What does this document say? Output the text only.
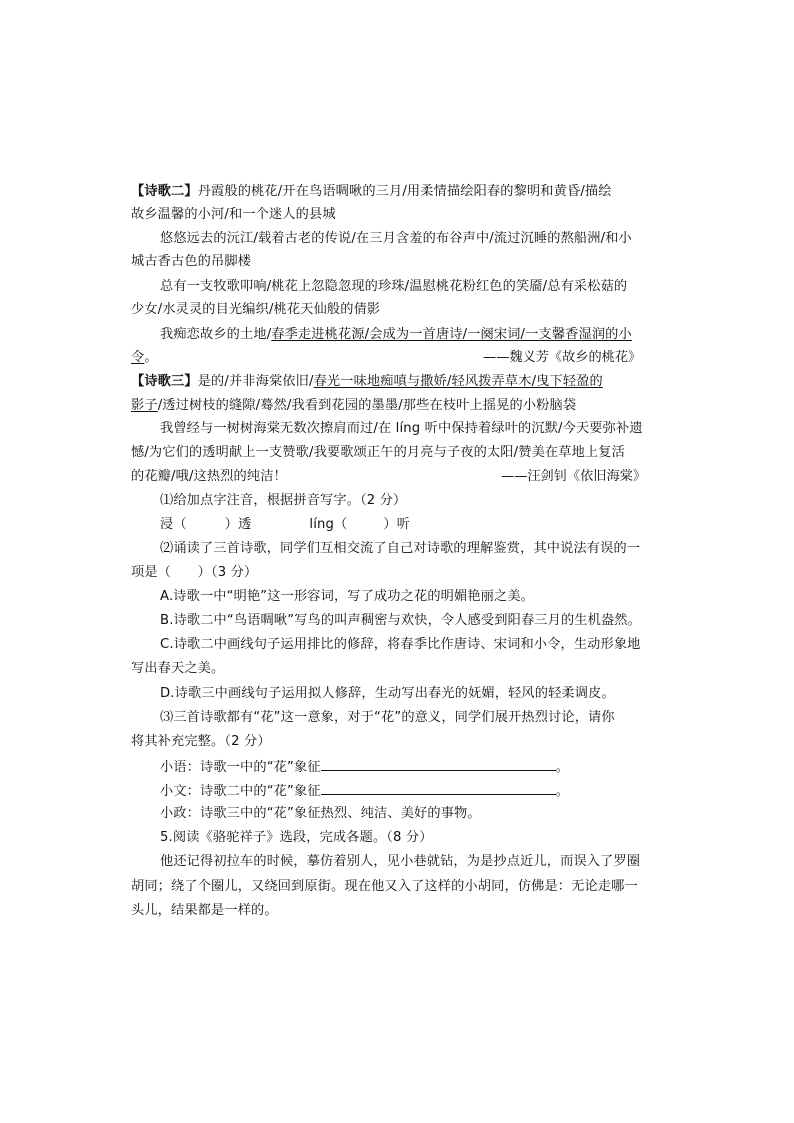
【诗歌二】丹霞般的桃花/开在鸟语啁啾的三月/用柔情描绘阳春的黎明和黄昏/描绘
故乡温馨的小河/和一个迷人的县城
悠悠远去的沅江/载着古老的传说/在三月含羞的布谷声中/流过沉睡的熬船洲/和小
城古香古色的吊脚楼
总有一支牧歌叩响/桃花上忽隐忽现的珍珠/温慰桃花粉红色的笑靥/总有采松菇的
少女/水灵灵的目光编织/桃花天仙般的倩影
我痴恋故乡的土地/春季走进桃花源/会成为一首唐诗/一阕宋词/一支馨香湿润的小
令。	——魏义芳《故乡的桃花》
【诗歌三】是的/并非海棠依旧/春光一味地痴嗔与撒娇/轻风拨弄草木/曳下轻盈的
影子/透过树枝的缝隙/蓦然/我看到花园的墨墨/那些在枝叶上摇晃的小粉脑袋
我曾经与一树树海棠无数次擦肩而过/在 líng 听中保持着绿叶的沉默/今天要弥补遗
憾/为它们的透明献上一支赞歌/我要歌颂正午的月亮与子夜的太阳/赞美在草地上复活
的花瓣/哦/这热烈的纯洁！	——汪剑钊《依旧海棠》
⑴给加点字注音，根据拼音写字。（2 分）
浸（	）透	líng（	）听
⑵诵读了三首诗歌，同学们互相交流了自己对诗歌的理解鉴赏，其中说法有误的一
项是（　　）（3 分）
A.诗歌一中“明艳”这一形容词，写了成功之花的明媚艳丽之美。
B.诗歌二中“鸟语啁啾”写鸟的叫声稠密与欢快，令人感受到阳春三月的生机盎然。
C.诗歌二中画线句子运用排比的修辞，将春季比作唐诗、宋词和小令，生动形象地
写出春天之美。
D.诗歌三中画线句子运用拟人修辞，生动写出春光的妩媚，轻风的轻柔调皮。
⑶三首诗歌都有“花”这一意象，对于“花”的意义，同学们展开热烈讨论，请你
将其补充完整。（2 分）
小语：诗歌一中的“花”象征	。
小文：诗歌二中的“花”象征	。
小政：诗歌三中的“花”象征热烈、纯洁、美好的事物。
5.阅读《骆驼祥子》选段，完成各题。（8 分）
他还记得初拉车的时候，摹仿着别人，见小巷就钻，为是抄点近儿，而误入了罗圈
胡同；绕了个圈儿，又绕回到原街。现在他又入了这样的小胡同，仿佛是：无论走哪一
头儿，结果都是一样的。
